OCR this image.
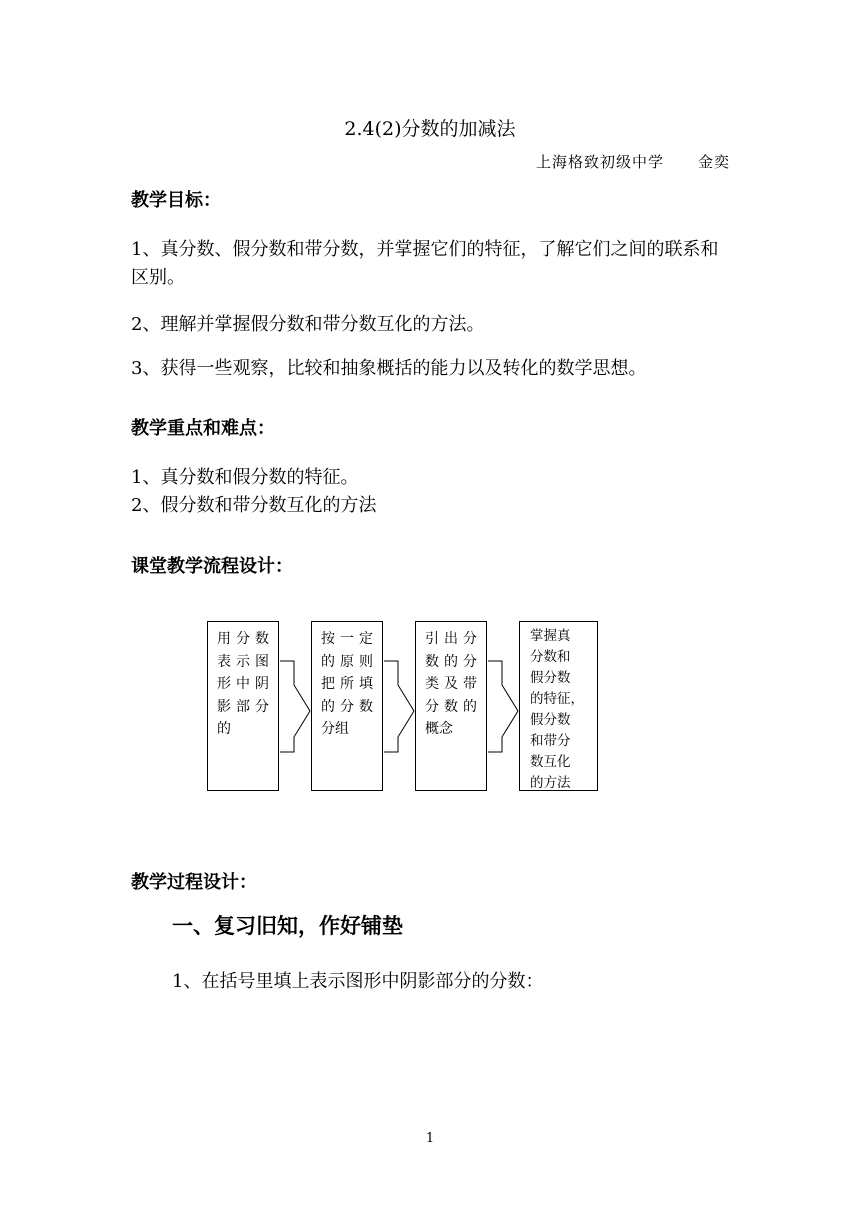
2.4(2)分数的加减法
上海格致初级中学 金奕
教学目标：
1、真分数、假分数和带分数，并掌握它们的特征，了解它们之间的联系和区别。
2、理解并掌握假分数和带分数互化的方法。
3、获得一些观察，比较和抽象概括的能力以及转化的数学思想。
教学重点和难点：
1、真分数和假分数的特征。
2、假分数和带分数互化的方法
课堂教学流程设计：
用分数
表示图
形中阴
影部分
的
按一定
的原则
把所填
的分数
分组
引出分
数的分
类及带
分数的
概念
掌握真
分数和
假分数
的特征，
假分数
和带分
数互化
的方法
教学过程设计：
一、复习旧知，作好铺垫
1、在括号里填上表示图形中阴影部分的分数：
1
